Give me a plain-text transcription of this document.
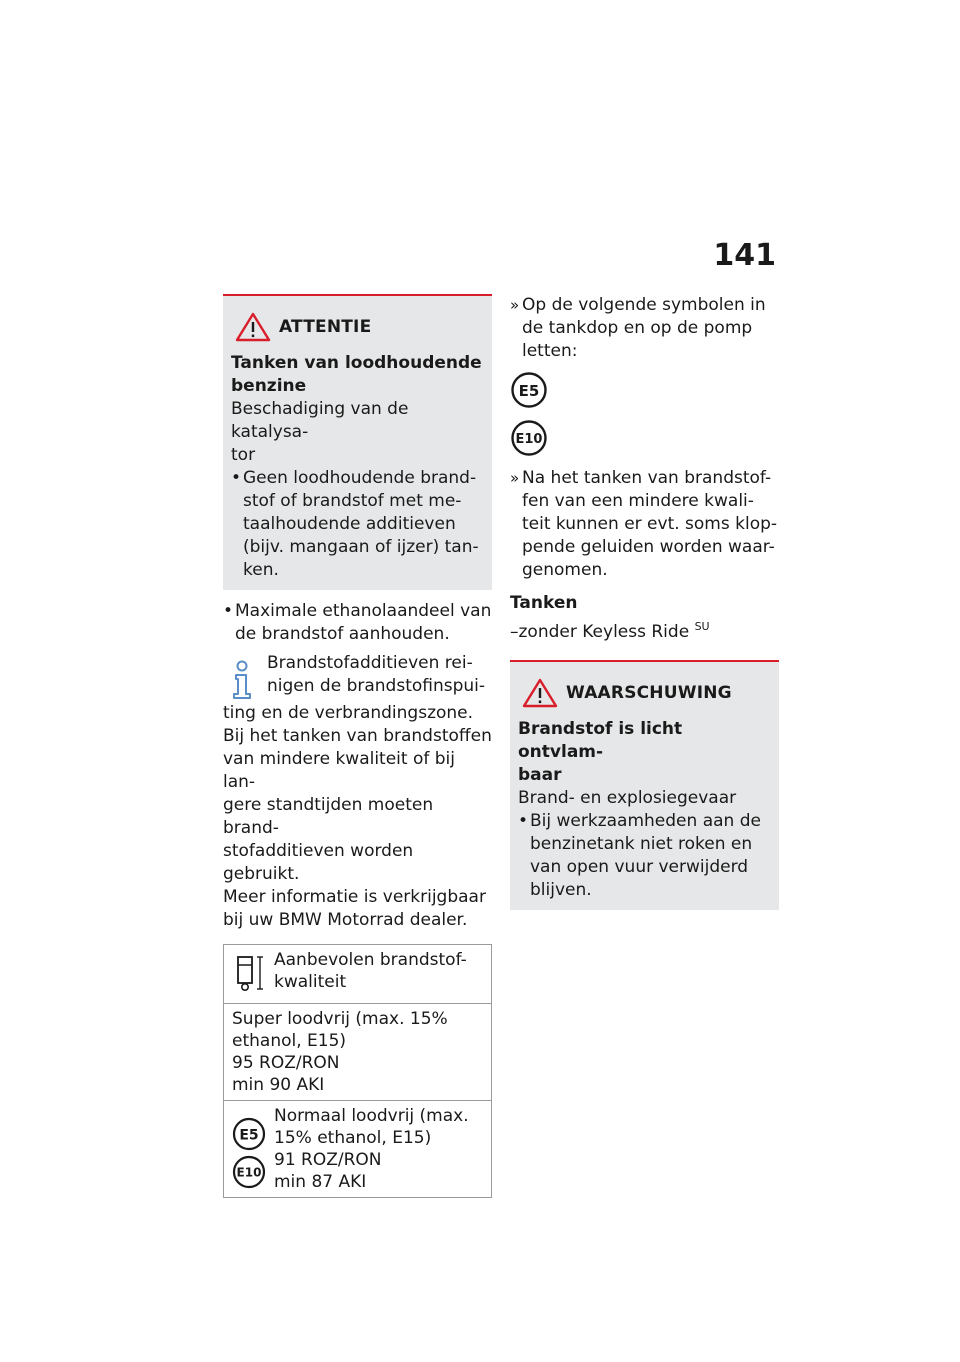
141
ATTENTIE
Tanken van loodhoudende
benzine
Beschadiging van de katalysa-
tor
• Geen loodhoudende brand-
stof of brandstof met me-
taalhoudende additieven
(bijv. mangaan of ijzer) tan-
ken.
• Maximale ethanolaandeel van
de brandstof aanhouden.
Brandstofadditieven rei-
nigen de brandstofinspui-
ting en de verbrandingszone.
Bij het tanken van brandstoffen
van mindere kwaliteit of bij lan-
gere standtijden moeten brand-
stofadditieven worden gebruikt.
Meer informatie is verkrijgbaar
bij uw BMW Motorrad dealer.
Aanbevolen brandstof-
kwaliteit
Super loodvrij (max. 15%
ethanol, E15)
95 ROZ/RON
min 90 AKI
E5
E10
Normaal loodvrij (max.
15% ethanol, E15)
91 ROZ/RON
min 87 AKI
» Op de volgende symbolen in
de tankdop en op de pomp
letten:
E5
E10
» Na het tanken van brandstof-
fen van een mindere kwali-
teit kunnen er evt. soms klop-
pende geluiden worden waar-
genomen.
Tanken
–zonder Keyless Ride $^{SU}$
WAARSCHUWING
Brandstof is licht ontvlam-
baar
Brand- en explosiegevaar
• Bij werkzaamheden aan de
benzinetank niet roken en
van open vuur verwijderd
blijven.
